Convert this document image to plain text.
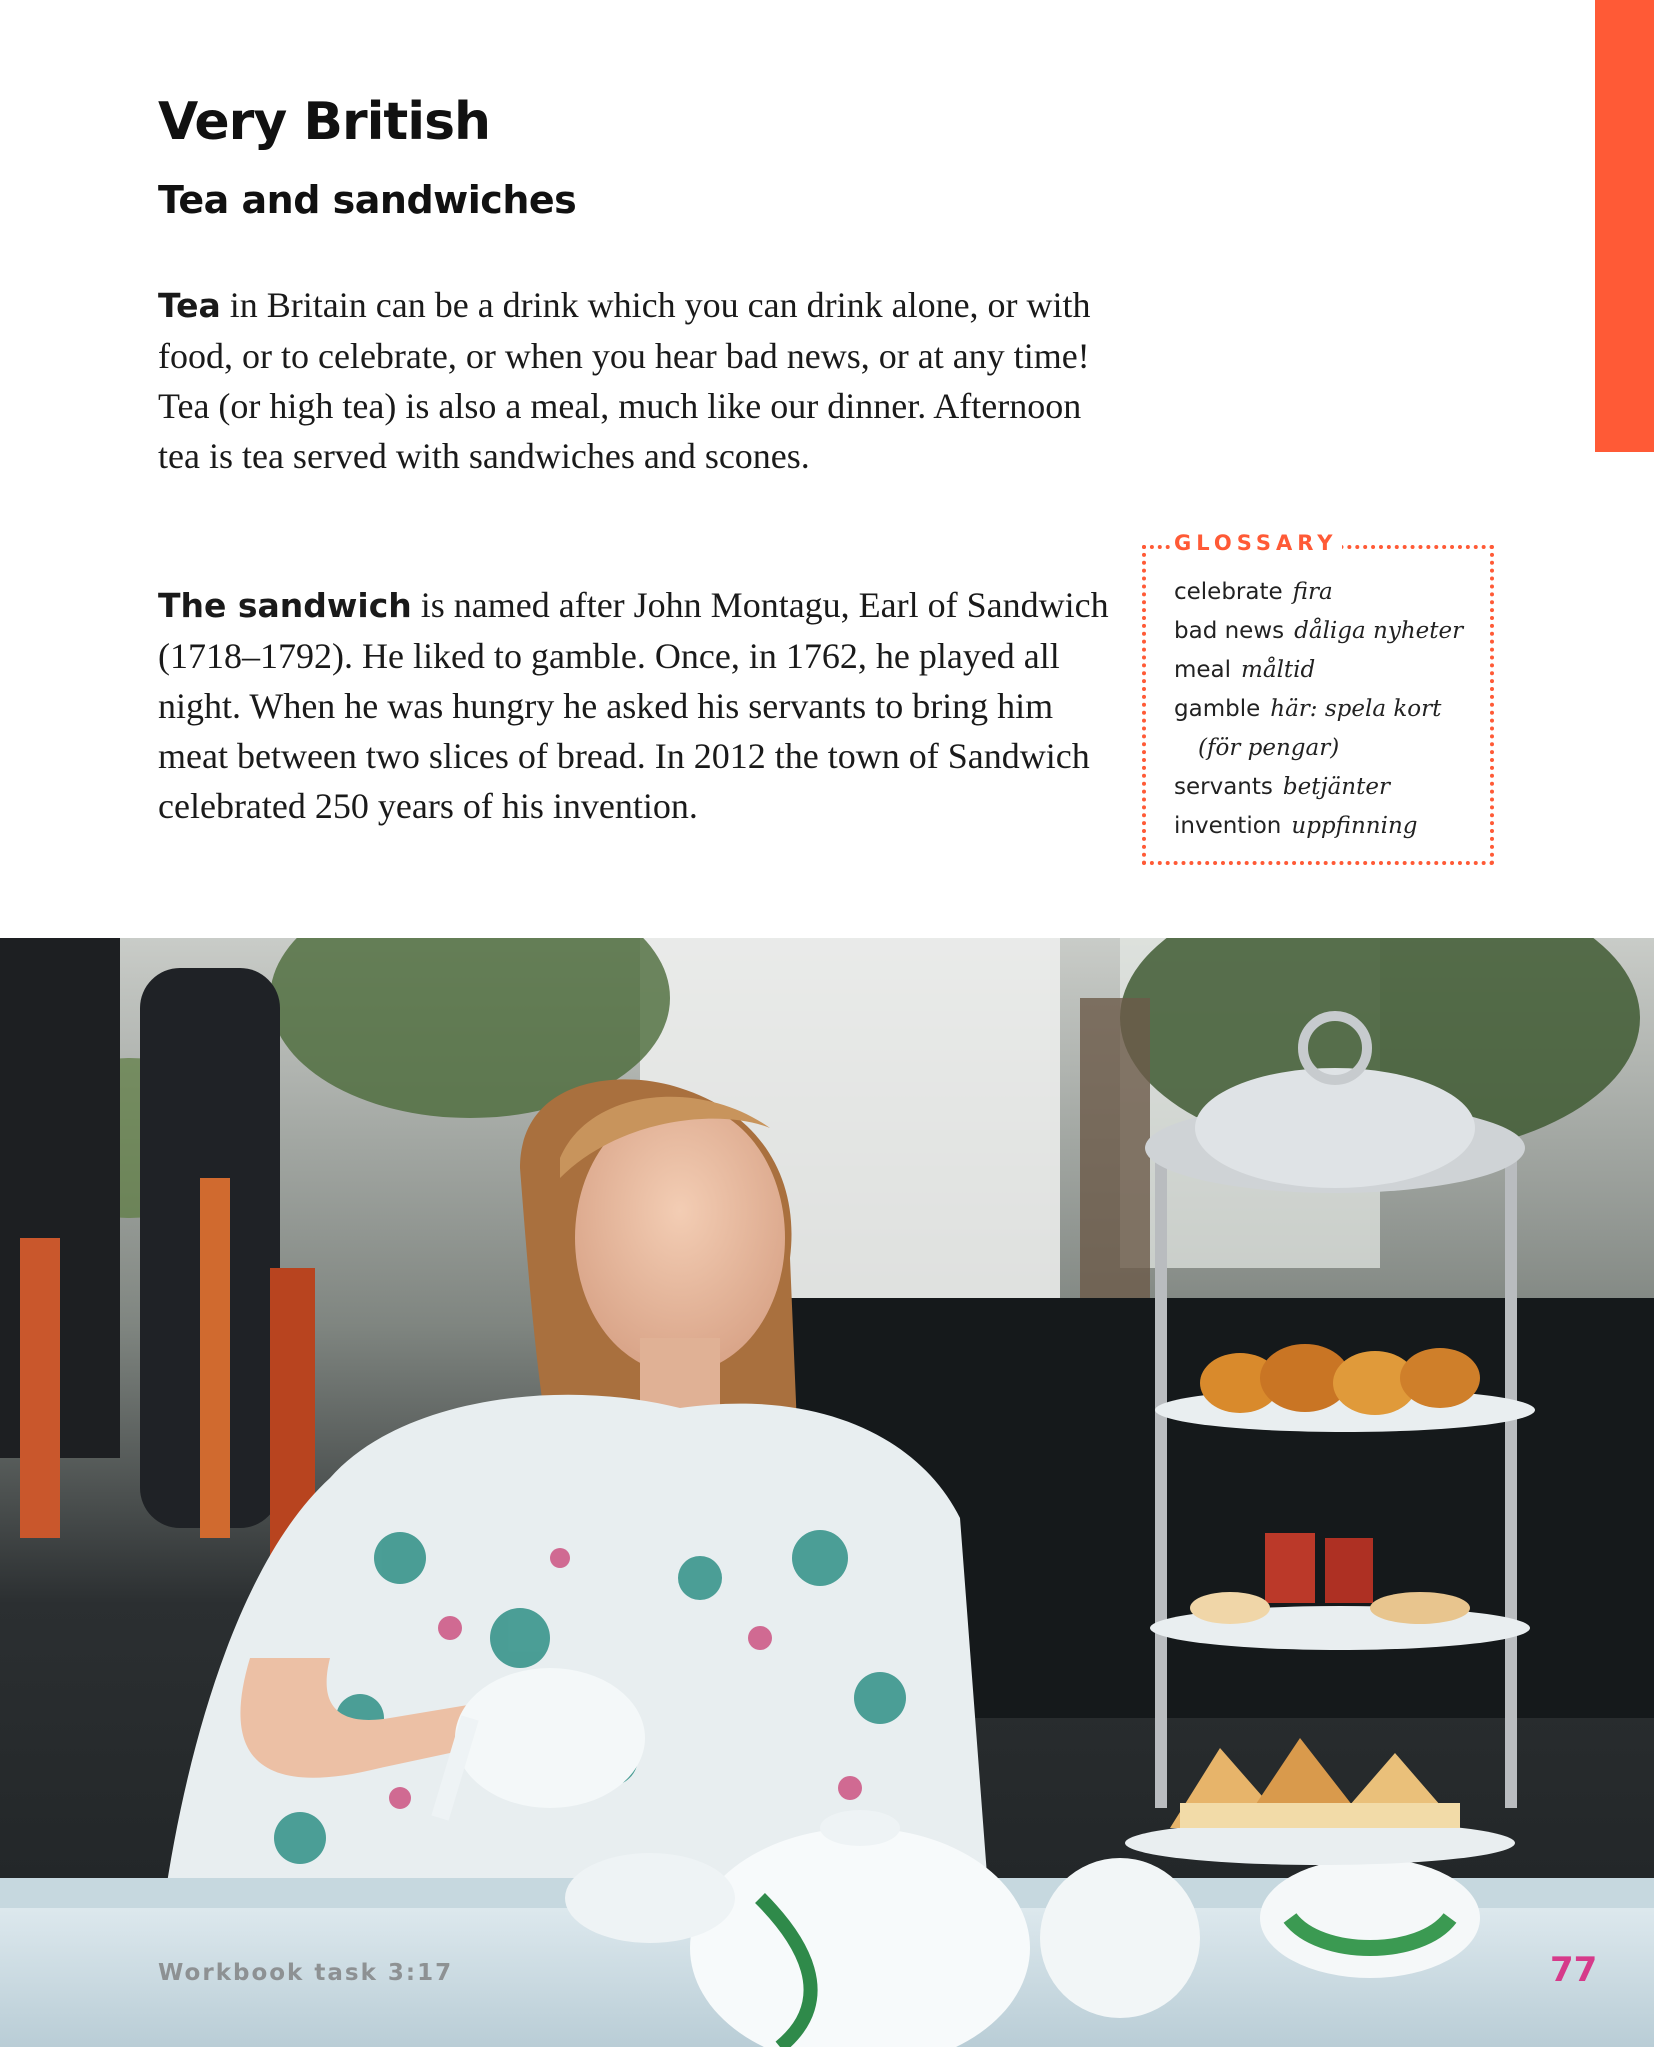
Very British
Tea and sandwiches

Tea in Britain can be a drink which you can drink alone, or with food, or to celebrate, or when you hear bad news, or at any time! Tea (or high tea) is also a meal, much like our dinner. Afternoon tea is tea served with sandwiches and scones.

The sandwich is named after John Montagu, Earl of Sandwich (1718–1792). He liked to gamble. Once, in 1762, he played all night. When he was hungry he asked his servants to bring him meat between two slices of bread. In 2012 the town of Sandwich celebrated 250 years of his invention.

GLOSSARY
celebrate fira
bad news dåliga nyheter
meal måltid
gamble här: spela kort (för pengar)
servants betjänter
invention uppfinning
Workbook task 3:17	77
